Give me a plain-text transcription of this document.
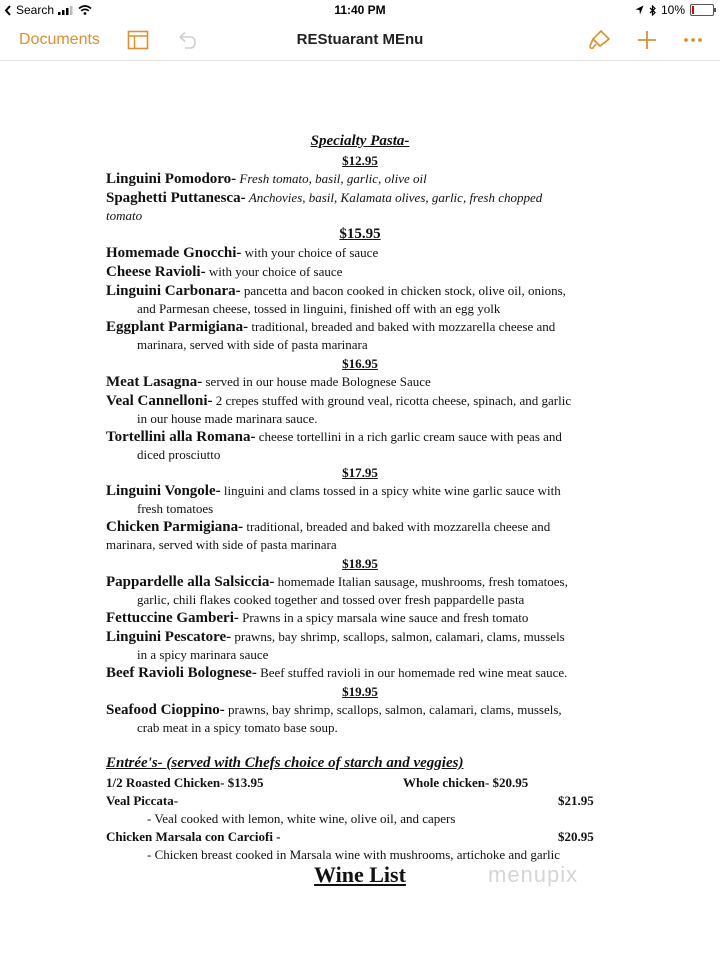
Search	11:40 PM	10%
Documents	REStuarant MEnu
Specialty Pasta-
$12.95
Linguini Pomodoro- Fresh tomato, basil, garlic, olive oil
Spaghetti Puttanesca- Anchovies, basil, Kalamata olives, garlic, fresh chopped
tomato
$15.95
Homemade Gnocchi- with your choice of sauce
Cheese Ravioli- with your choice of sauce
Linguini Carbonara- pancetta and bacon cooked in chicken stock, olive oil, onions,
and Parmesan cheese, tossed in linguini, finished off with an egg yolk
Eggplant Parmigiana- traditional, breaded and baked with mozzarella cheese and
marinara, served with side of pasta marinara
$16.95
Meat Lasagna- served in our house made Bolognese Sauce
Veal Cannelloni- 2 crepes stuffed with ground veal, ricotta cheese, spinach, and garlic
in our house made marinara sauce.
Tortellini alla Romana- cheese tortellini in a rich garlic cream sauce with peas and
diced prosciutto
$17.95
Linguini Vongole- linguini and clams tossed in a spicy white wine garlic sauce with
fresh tomatoes
Chicken Parmigiana- traditional, breaded and baked with mozzarella cheese and
marinara, served with side of pasta marinara
$18.95
Pappardelle alla Salsiccia- homemade Italian sausage, mushrooms, fresh tomatoes,
garlic, chili flakes cooked together and tossed over fresh pappardelle pasta
Fettuccine Gamberi- Prawns in a spicy marsala wine sauce and fresh tomato
Linguini Pescatore- prawns, bay shrimp, scallops, salmon, calamari, clams, mussels
in a spicy marinara sauce
Beef Ravioli Bolognese- Beef stuffed ravioli in our homemade red wine meat sauce.
$19.95
Seafood Cioppino- prawns, bay shrimp, scallops, salmon, calamari, clams, mussels,
crab meat in a spicy tomato base soup.
Entrée's- (served with Chefs choice of starch and veggies)
1/2 Roasted Chicken- $13.95	Whole chicken- $20.95
Veal Piccata-	$21.95
- Veal cooked with lemon, white wine, olive oil, and capers
Chicken Marsala con Carciofi -	$20.95
- Chicken breast cooked in Marsala wine with mushrooms, artichoke and garlic
Wine List	menupix
